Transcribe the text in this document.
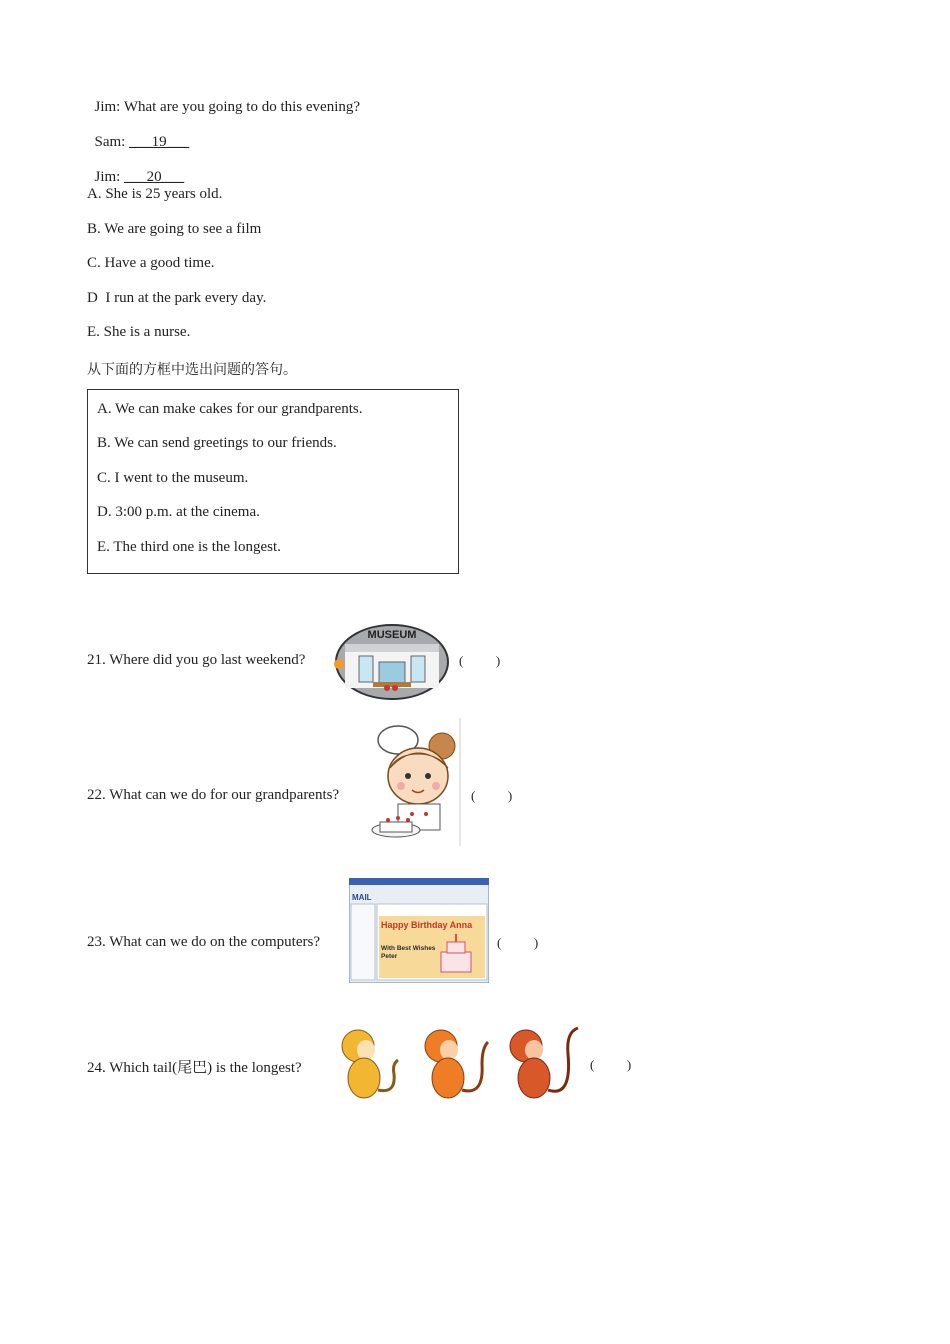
Jim: What are you going to do this evening?

Sam: ___19___

Jim: ___20___

A. She is 25 years old.
B. We are going to see a film
C. Have a good time.
D  I run at the park every day.
E. She is a nurse.
从下面的方框中选出问题的答句。
A. We can make cakes for our grandparents.
B. We can send greetings to our friends.
C. I went to the museum.
D. 3:00 p.m. at the cinema.
E. The third one is the longest.
21. Where did you go last weekend?
MUSEUM
(          )
22. What can we do for our grandparents?	(          )
23. What can we do on the computers?
MAIL
Happy Birthday Anna
With Best Wishes
Peter
(          )
24. Which tail(尾巴) is the longest?	(          )
